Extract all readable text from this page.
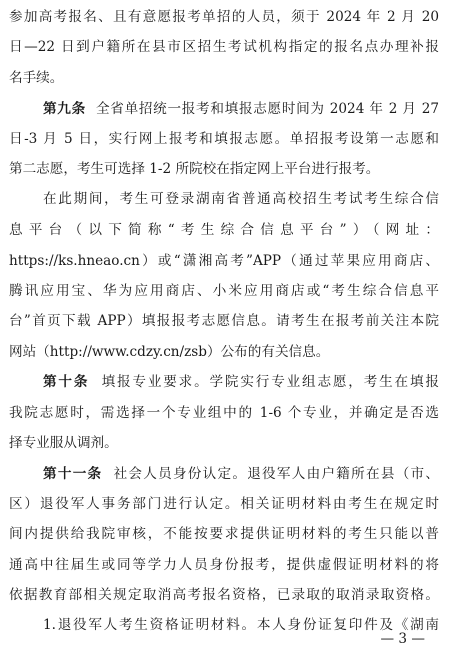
参加高考报名、且有意愿报考单招的人员，须于 2024 年 2 月 20
日—22 日到户籍所在县市区招生考试机构指定的报名点办理补报
名手续。
第九条 全省单招统一报考和填报志愿时间为 2024 年 2 月 27
日-3 月 5 日，实行网上报考和填报志愿。单招报考设第一志愿和
第二志愿，考生可选择 1-2 所院校在指定网上平台进行报考。
在此期间，考生可登录湖南省普通高校招生考试考生综合信
息平台（以下简称“考生综合信息平台”）（网址：
https://ks.hneao.cn）或“潇湘高考”APP（通过苹果应用商店、
腾讯应用宝、华为应用商店、小米应用商店或“考生综合信息平
台”首页下载 APP）填报报考志愿信息。请考生在报考前关注本院
网站（http://www.cdzy.cn/zsb）公布的有关信息。
第十条 填报专业要求。学院实行专业组志愿，考生在填报
我院志愿时，需选择一个专业组中的 1-6 个专业，并确定是否选
择专业服从调剂。
第十一条 社会人员身份认定。退役军人由户籍所在县（市、
区）退役军人事务部门进行认定。相关证明材料由考生在规定时
间内提供给我院审核，不能按要求提供证明材料的考生只能以普
通高中往届生或同等学力人员身份报考，提供虚假证明材料的将
依据教育部相关规定取消高考报名资格，已录取的取消录取资格。
1.退役军人考生资格证明材料。本人身份证复印件及《湖南
— 3 —
